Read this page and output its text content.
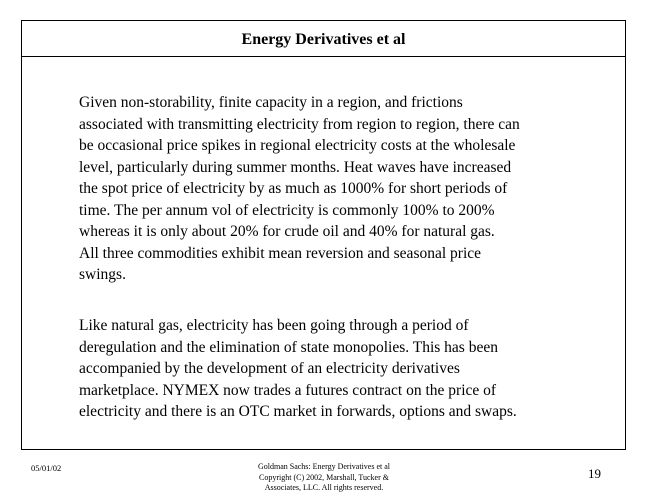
Energy Derivatives et al
Given non-storability, finite capacity in a region, and frictions
associated with transmitting electricity from region to region, there can
be occasional price spikes in regional electricity costs at the wholesale
level, particularly during summer months. Heat waves have increased
the spot price of electricity by as much as 1000% for short periods of
time. The per annum vol of electricity is commonly 100% to 200%
whereas it is only about 20% for crude oil and 40% for natural gas.
All three commodities exhibit mean reversion and seasonal price
swings.
Like natural gas, electricity has been going through a period of
deregulation and the elimination of state monopolies. This has been
accompanied by the development of an electricity derivatives
marketplace. NYMEX now trades a futures contract on the price of
electricity and there is an OTC market in forwards, options and swaps.
05/01/02	Goldman Sachs: Energy Derivatives et al
Copyright (C) 2002, Marshall, Tucker &
Associates, LLC. All rights reserved.
19
